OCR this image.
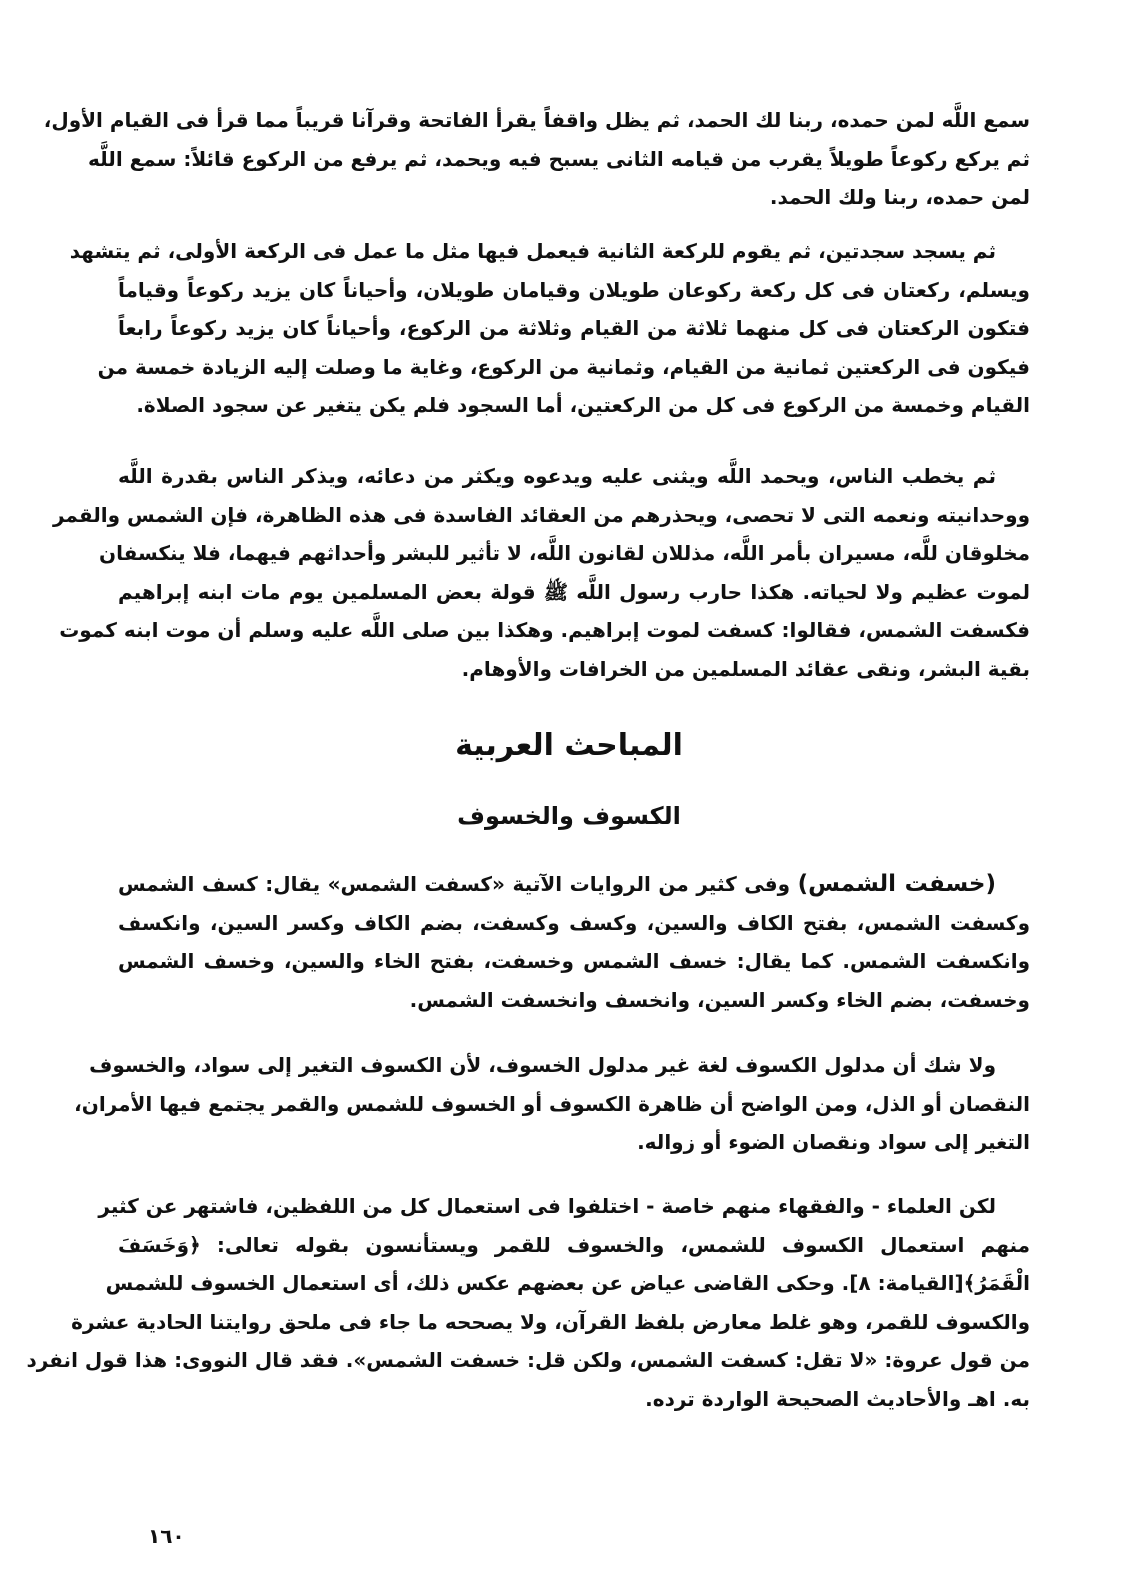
سمع اللَّه لمن حمده، ربنا لك الحمد، ثم يظل واقفاً يقرأ الفاتحة وقرآنا قريباً مما قرأ فى القيام الأول،
ثم يركع ركوعاً طويلاً يقرب من قيامه الثانى يسبح فيه ويحمد، ثم يرفع من الركوع قائلاً: سمع اللَّه
لمن حمده، ربنا ولك الحمد.
ثم يسجد سجدتين، ثم يقوم للركعة الثانية فيعمل فيها مثل ما عمل فى الركعة الأولى، ثم يتشهد
ويسلم، ركعتان فى كل ركعة ركوعان طويلان وقيامان طويلان، وأحياناً كان يزيد ركوعاً وقياماً
فتكون الركعتان فى كل منهما ثلاثة من القيام وثلاثة من الركوع، وأحياناً كان يزيد ركوعاً رابعاً
فيكون فى الركعتين ثمانية من القيام، وثمانية من الركوع، وغاية ما وصلت إليه الزيادة خمسة من
القيام وخمسة من الركوع فى كل من الركعتين، أما السجود فلم يكن يتغير عن سجود الصلاة.
ثم يخطب الناس، ويحمد اللَّه ويثنى عليه ويدعوه ويكثر من دعائه، ويذكر الناس بقدرة اللَّه
ووحدانيته ونعمه التى لا تحصى، ويحذرهم من العقائد الفاسدة فى هذه الظاهرة، فإن الشمس والقمر
مخلوقان للَّه، مسيران بأمر اللَّه، مذللان لقانون اللَّه، لا تأثير للبشر وأحداثهم فيهما، فلا ينكسفان
لموت عظيم ولا لحياته. هكذا حارب رسول اللَّه ﷺ قولة بعض المسلمين يوم مات ابنه إبراهيم
فكسفت الشمس، فقالوا: كسفت لموت إبراهيم. وهكذا بين صلى اللَّه عليه وسلم أن موت ابنه كموت
بقية البشر، ونقى عقائد المسلمين من الخرافات والأوهام.
المباحث العربية
الكسوف والخسوف
(خسفت الشمس) وفى كثير من الروايات الآتية «كسفت الشمس» يقال: كسف الشمس
وكسفت الشمس، بفتح الكاف والسين، وكسف وكسفت، بضم الكاف وكسر السين، وانكسف
وانكسفت الشمس. كما يقال: خسف الشمس وخسفت، بفتح الخاء والسين، وخسف الشمس
وخسفت، بضم الخاء وكسر السين، وانخسف وانخسفت الشمس.
ولا شك أن مدلول الكسوف لغة غير مدلول الخسوف، لأن الكسوف التغير إلى سواد، والخسوف
النقصان أو الذل، ومن الواضح أن ظاهرة الكسوف أو الخسوف للشمس والقمر يجتمع فيها الأمران،
التغير إلى سواد ونقصان الضوء أو زواله.
لكن العلماء - والفقهاء منهم خاصة - اختلفوا فى استعمال كل من اللفظين، فاشتهر عن كثير
منهم استعمال الكسوف للشمس، والخسوف للقمر ويستأنسون بقوله تعالى: ﴿وَخَسَفَ
الْقَمَرُ﴾[القيامة: ٨]. وحكى القاضى عياض عن بعضهم عكس ذلك، أى استعمال الخسوف للشمس
والكسوف للقمر، وهو غلط معارض بلفظ القرآن، ولا يصححه ما جاء فى ملحق روايتنا الحادية عشرة
من قول عروة: «لا تقل: كسفت الشمس، ولكن قل: خسفت الشمس». فقد قال النووى: هذا قول انفرد
به. اهـ والأحاديث الصحيحة الواردة ترده.
١٦٠
